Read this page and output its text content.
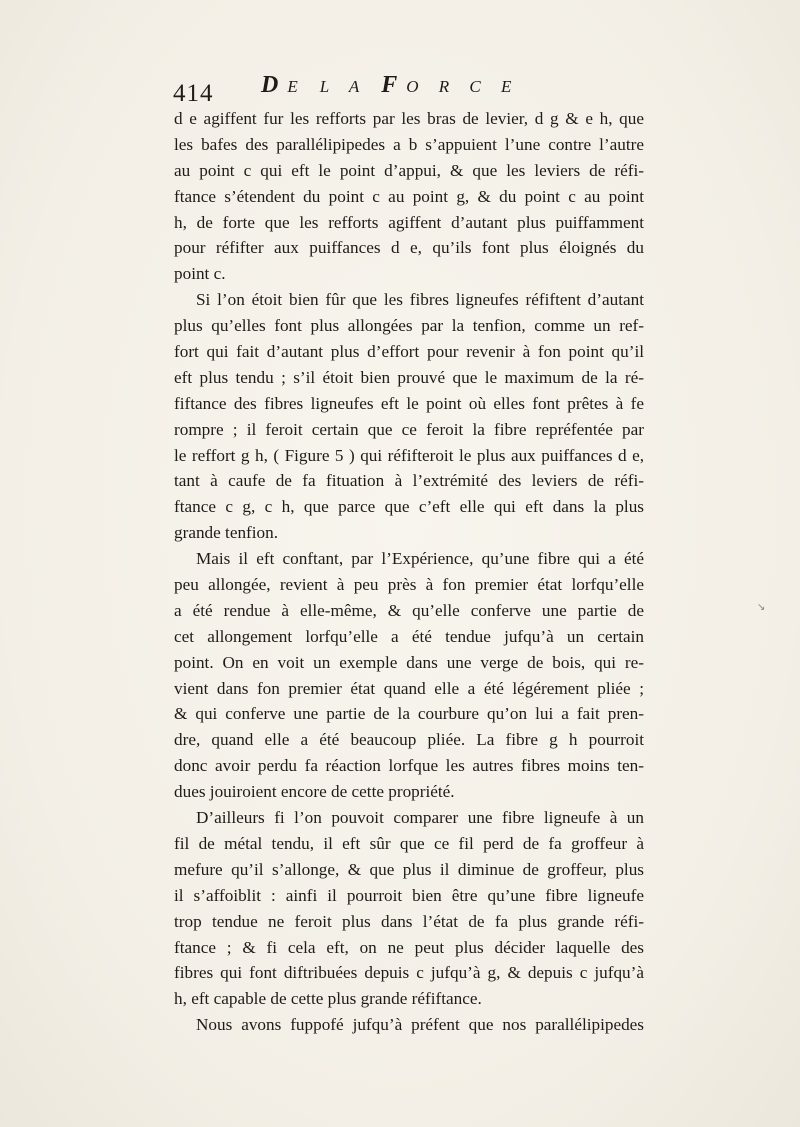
414 DE L A FO R C E
d e agiffent fur les refforts par les bras de levier, d g & e h, que
les bafes des parallélipipedes a b s’appuient l’une contre l’autre
au point c qui eft le point d’appui, & que les leviers de réfi-
ftance s’étendent du point c au point g, & du point c au point
h, de forte que les refforts agiffent d’autant plus puiffamment
pour réfifter aux puiffances d e, qu’ils font plus éloignés du
point c.
Si l’on étoit bien fûr que les fibres ligneufes réfiftent d’autant
plus qu’elles font plus allongées par la tenfion, comme un ref-
fort qui fait d’autant plus d’effort pour revenir à fon point qu’il
eft plus tendu ; s’il étoit bien prouvé que le maximum de la ré-
fiftance des fibres ligneufes eft le point où elles font prêtes à fe
rompre ; il feroit certain que ce feroit la fibre repréfentée par
le reffort g h, ( Figure 5 ) qui réfifteroit le plus aux puiffances d e,
tant à caufe de fa fituation à l’extrémité des leviers de réfi-
ftance c g, c h, que parce que c’eft elle qui eft dans la plus
grande tenfion.
Mais il eft conftant, par l’Expérience, qu’une fibre qui a été
peu allongée, revient à peu près à fon premier état lorfqu’elle
a été rendue à elle-même, & qu’elle conferve une partie de
cet allongement lorfqu’elle a été tendue jufqu’à un certain
point. On en voit un exemple dans une verge de bois, qui re-
vient dans fon premier état quand elle a été légérement pliée ;
& qui conferve une partie de la courbure qu’on lui a fait pren-
dre, quand elle a été beaucoup pliée. La fibre g h pourroit
donc avoir perdu fa réaction lorfque les autres fibres moins ten-
dues jouiroient encore de cette propriété.
D’ailleurs fi l’on pouvoit comparer une fibre ligneufe à un
fil de métal tendu, il eft sûr que ce fil perd de fa groffeur à
mefure qu’il s’allonge, & que plus il diminue de groffeur, plus
il s’affoiblit : ainfi il pourroit bien être qu’une fibre ligneufe
trop tendue ne feroit plus dans l’état de fa plus grande réfi-
ftance ; & fi cela eft, on ne peut plus décider laquelle des
fibres qui font diftribuées depuis c jufqu’à g, & depuis c jufqu’à
h, eft capable de cette plus grande réfiftance.
Nous avons fuppofé jufqu’à préfent que nos parallélipipedes
↘
